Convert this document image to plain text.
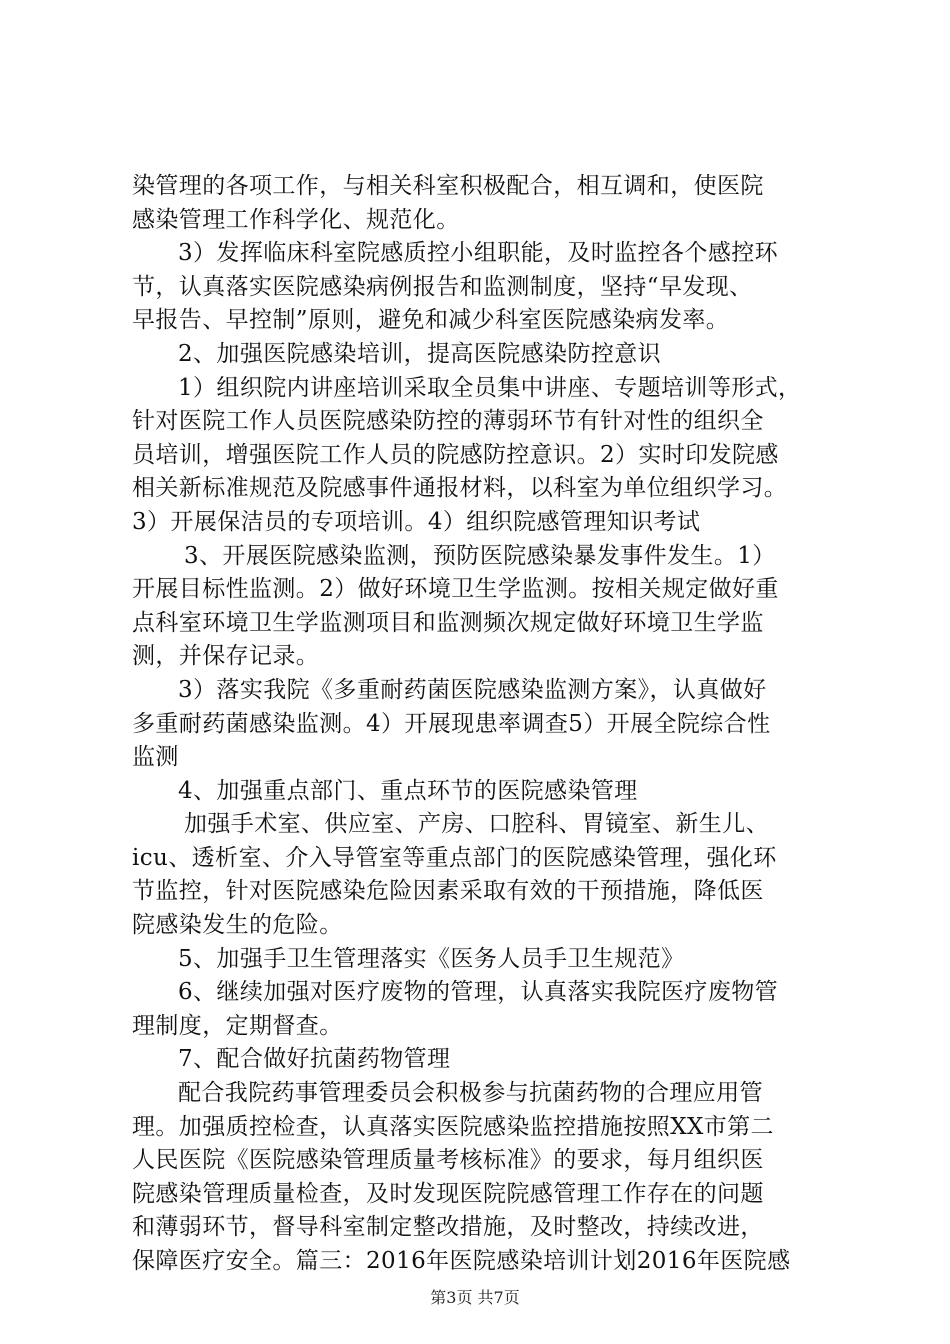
染管理的各项工作，与相关科室积极配合，相互调和，使医院
感染管理工作科学化、规范化。
3）发挥临床科室院感质控小组职能，及时监控各个感控环
节，认真落实医院感染病例报告和监测制度，坚持“早发现、
早报告、早控制”原则，避免和减少科室医院感染病发率。
2、加强医院感染培训，提高医院感染防控意识
1）组织院内讲座培训采取全员集中讲座、专题培训等形式，
针对医院工作人员医院感染防控的薄弱环节有针对性的组织全
员培训，增强医院工作人员的院感防控意识。2）实时印发院感
相关新标准规范及院感事件通报材料，以科室为单位组织学习。
3）开展保洁员的专项培训。4）组织院感管理知识考试
3、开展医院感染监测，预防医院感染暴发事件发生。1）
开展目标性监测。2）做好环境卫生学监测。按相关规定做好重
点科室环境卫生学监测项目和监测频次规定做好环境卫生学监
测，并保存记录。
3）落实我院《多重耐药菌医院感染监测方案》，认真做好
多重耐药菌感染监测。4）开展现患率调查5）开展全院综合性
监测
4、加强重点部门、重点环节的医院感染管理
加强手术室、供应室、产房、口腔科、胃镜室、新生儿、
icu、透析室、介入导管室等重点部门的医院感染管理，强化环
节监控，针对医院感染危险因素采取有效的干预措施，降低医
院感染发生的危险。
5、加强手卫生管理落实《医务人员手卫生规范》
6、继续加强对医疗废物的管理，认真落实我院医疗废物管
理制度，定期督查。
7、配合做好抗菌药物管理
配合我院药事管理委员会积极参与抗菌药物的合理应用管
理。加强质控检查，认真落实医院感染监控措施按照XX市第二
人民医院《医院感染管理质量考核标准》的要求，每月组织医
院感染管理质量检查，及时发现医院院感管理工作存在的问题
和薄弱环节，督导科室制定整改措施，及时整改，持续改进，
保障医疗安全。篇三：2016年医院感染培训计划2016年医院感
第3页 共7页
